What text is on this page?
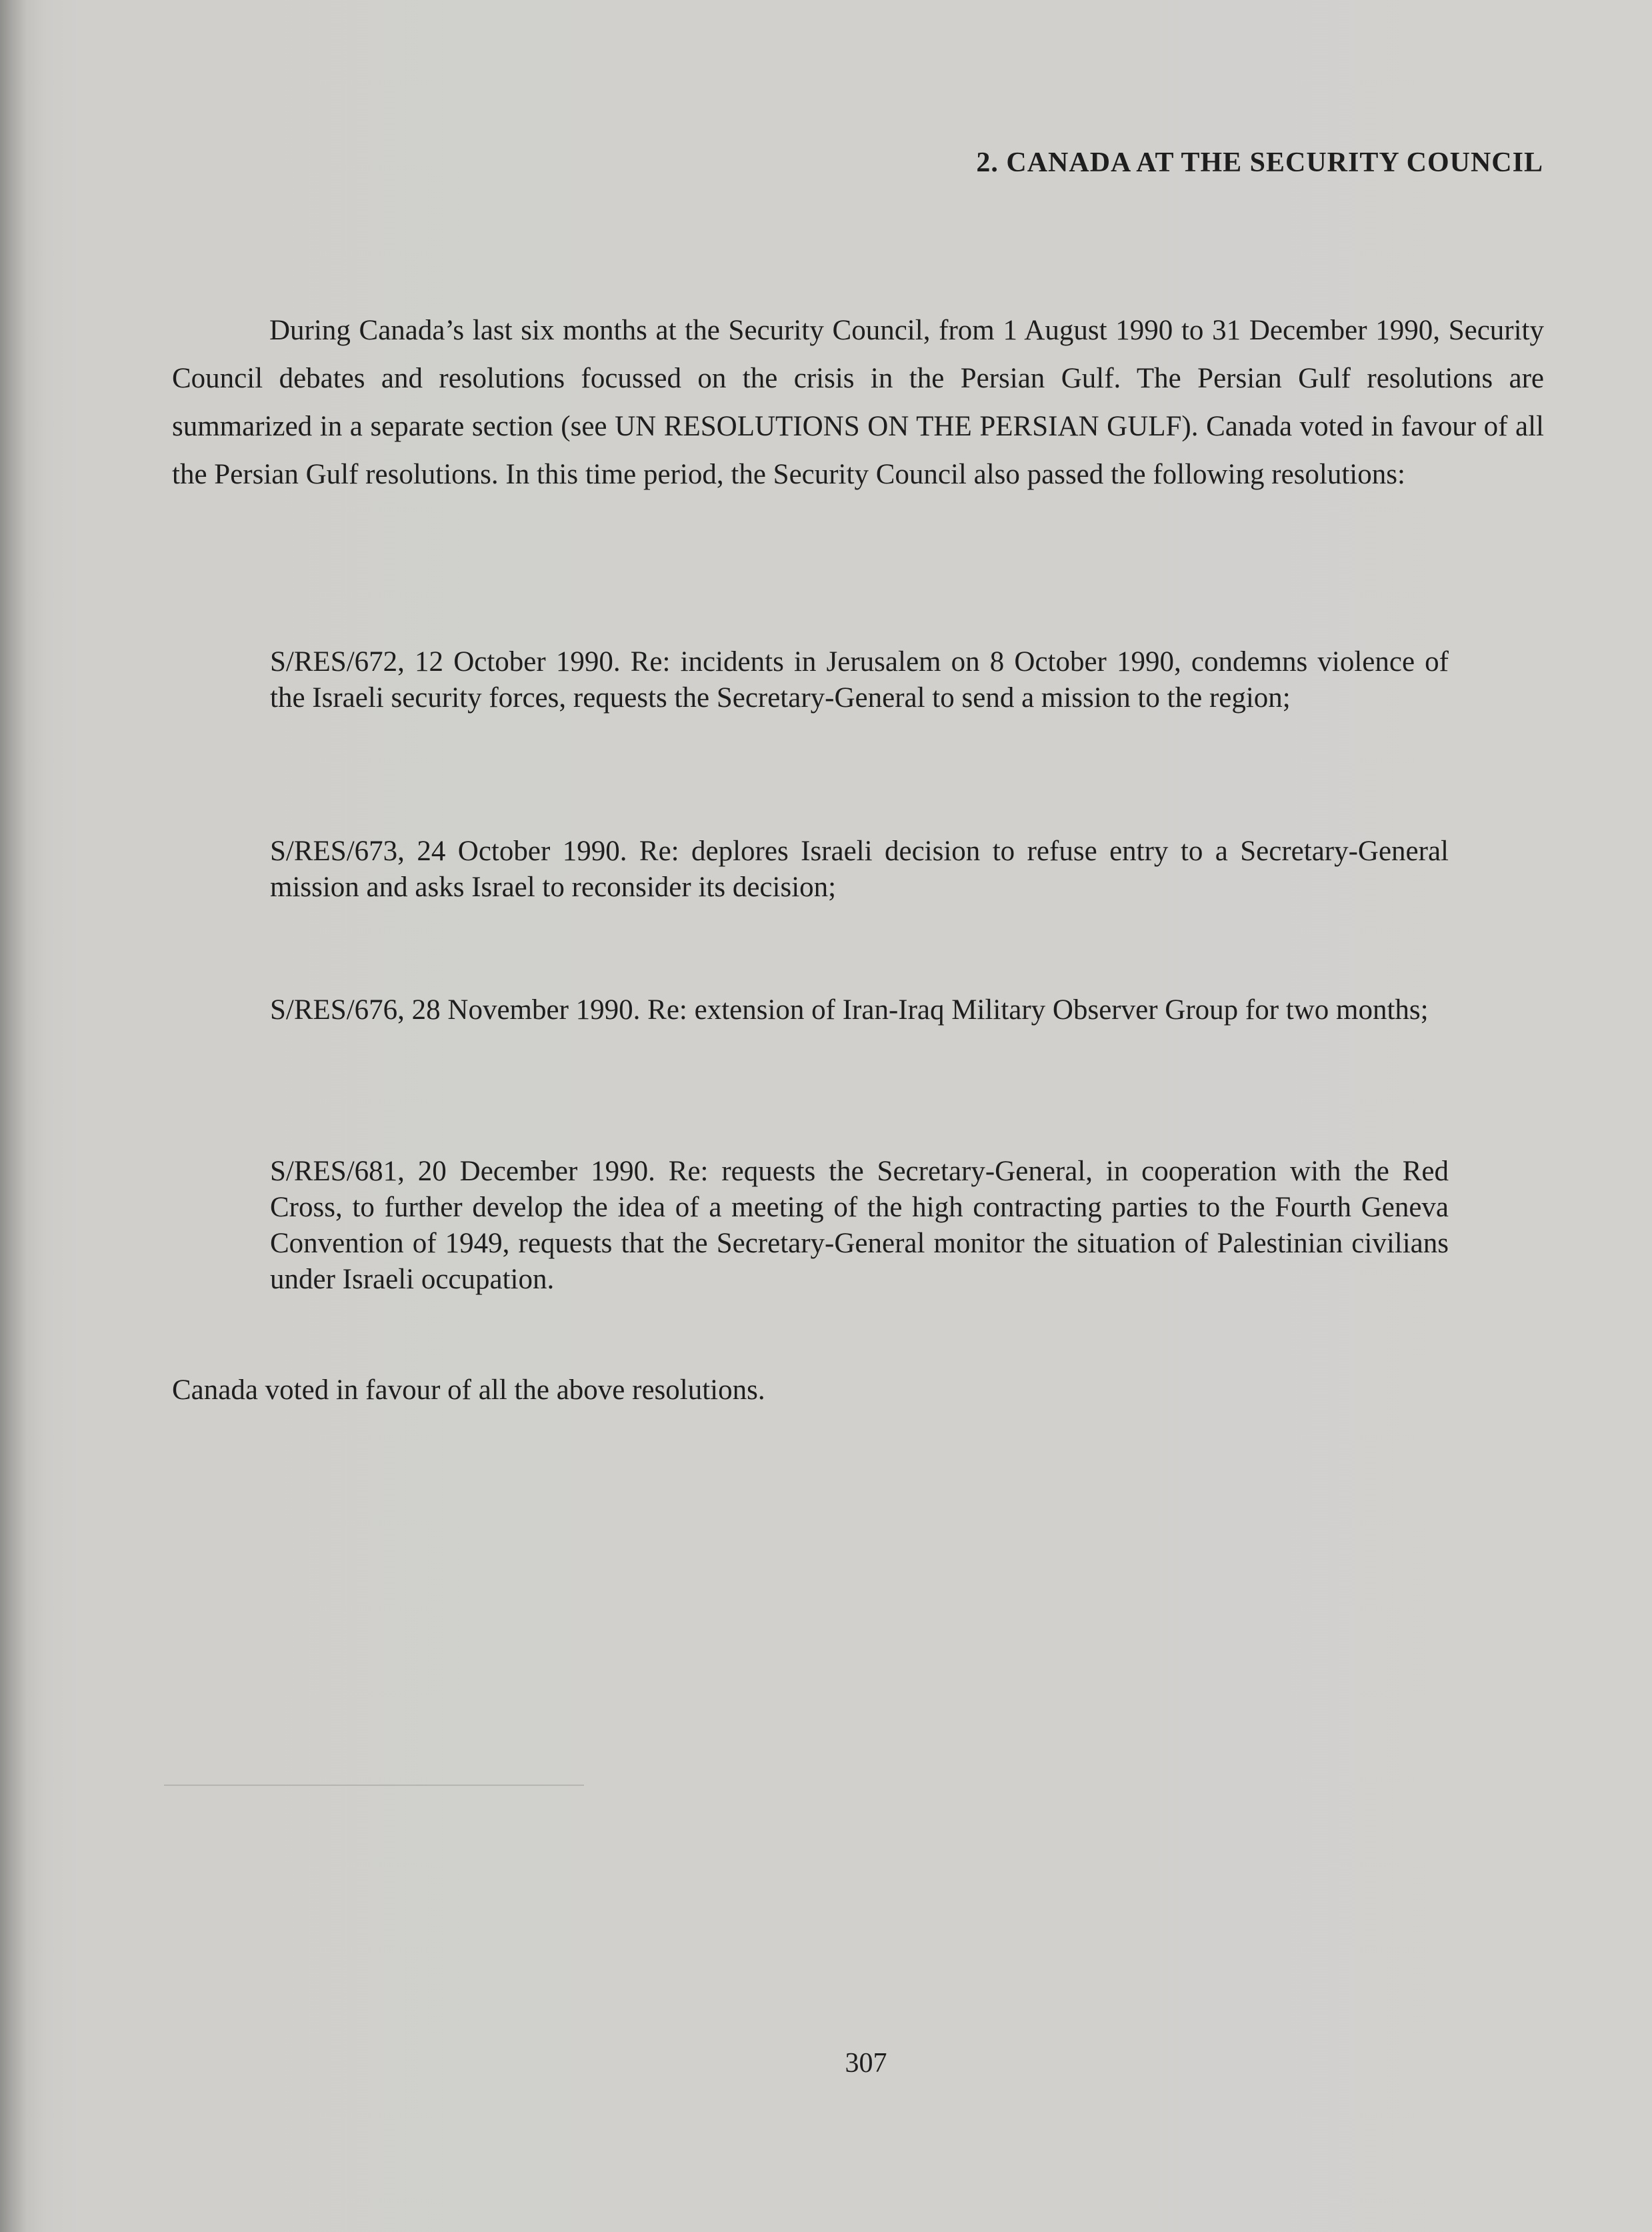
2. CANADA AT THE SECURITY COUNCIL

During Canada’s last six months at the Security Council, from 1 August 1990 to 31 December 1990, Security Council debates and resolutions focussed on the crisis in the Persian Gulf. The Persian Gulf resolutions are summarized in a separate section (see UN RESOLUTIONS ON THE PERSIAN GULF). Canada voted in favour of all the Persian Gulf resolutions. In this time period, the Security Council also passed the following resolutions:

S/RES/672, 12 October 1990. Re: incidents in Jerusalem on 8 October 1990, condemns violence of the Israeli security forces, requests the Secretary-General to send a mission to the region;

S/RES/673, 24 October 1990. Re: deplores Israeli decision to refuse entry to a Secretary-General mission and asks Israel to reconsider its decision;

S/RES/676, 28 November 1990. Re: extension of Iran-Iraq Military Observer Group for two months;

S/RES/681, 20 December 1990. Re: requests the Secretary-General, in cooperation with the Red Cross, to further develop the idea of a meeting of the high contracting parties to the Fourth Geneva Convention of 1949, requests that the Secretary-General monitor the situation of Palestinian civilians under Israeli occupation.

Canada voted in favour of all the above resolutions.

307
